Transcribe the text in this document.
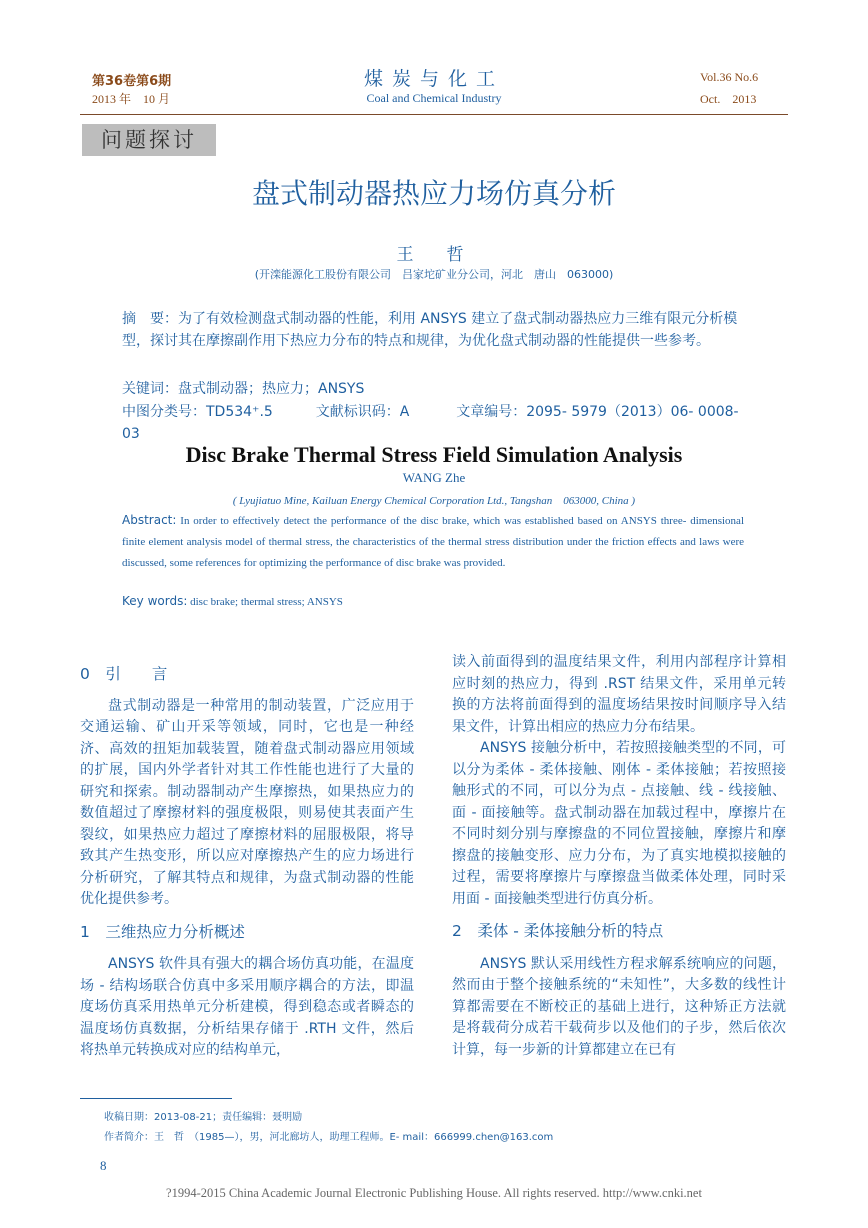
第36卷第6期
2013 年　10 月
煤炭与化工
Coal and Chemical Industry
Vol.36 No.6
Oct.　2013
问题探讨
盘式制动器热应力场仿真分析
王　哲
(开滦能源化工股份有限公司　吕家坨矿业分公司，河北　唐山　063000)
摘　要：为了有效检测盘式制动器的性能，利用 ANSYS 建立了盘式制动器热应力三维有限元分析模型，探讨其在摩擦副作用下热应力分布的特点和规律，为优化盘式制动器的性能提供一些参考。
关键词：盘式制动器；热应力；ANSYS
中图分类号：TD534⁺.5	文献标识码：A	文章编号：2095- 5979（2013）06- 0008- 03
Disc Brake Thermal Stress Field Simulation Analysis
WANG Zhe
( Lyujiatuo Mine, Kailuan Energy Chemical Corporation Ltd., Tangshan　063000, China )
Abstract: In order to effectively detect the performance of the disc brake, which was established based on ANSYS three- dimensional finite element analysis model of thermal stress, the characteristics of the thermal stress distribution under the friction effects and laws were discussed, some references for optimizing the performance of disc brake was provided.
Key words: disc brake; thermal stress; ANSYS
0　引　　言

盘式制动器是一种常用的制动装置，广泛应用于交通运输、矿山开采等领域，同时，它也是一种经济、高效的扭矩加载装置，随着盘式制动器应用领域的扩展，国内外学者针对其工作性能也进行了大量的研究和探索。制动器制动产生摩擦热，如果热应力的数值超过了摩擦材料的强度极限，则易使其表面产生裂纹，如果热应力超过了摩擦材料的屈服极限，将导致其产生热变形，所以应对摩擦热产生的应力场进行分析研究，了解其特点和规律，为盘式制动器的性能优化提供参考。

1　三维热应力分析概述

ANSYS 软件具有强大的耦合场仿真功能，在温度场 - 结构场联合仿真中多采用顺序耦合的方法，即温度场仿真采用热单元分析建模，得到稳态或者瞬态的温度场仿真数据，分析结果存储于 .RTH 文件，然后将热单元转换成对应的结构单元，

读入前面得到的温度结果文件，利用内部程序计算相应时刻的热应力，得到 .RST 结果文件，采用单元转换的方法将前面得到的温度场结果按时间顺序导入结果文件，计算出相应的热应力分布结果。

ANSYS 接触分析中，若按照接触类型的不同，可以分为柔体 - 柔体接触、刚体 - 柔体接触；若按照接触形式的不同，可以分为点 - 点接触、线 - 线接触、面 - 面接触等。盘式制动器在加载过程中，摩擦片在不同时刻分别与摩擦盘的不同位置接触，摩擦片和摩擦盘的接触变形、应力分布，为了真实地模拟接触的过程，需要将摩擦片与摩擦盘当做柔体处理，同时采用面 - 面接触类型进行仿真分析。

2　柔体 - 柔体接触分析的特点

ANSYS 默认采用线性方程求解系统响应的问题，然而由于整个接触系统的“未知性”，大多数的线性计算都需要在不断校正的基础上进行，这种矫正方法就是将载荷分成若干载荷步以及他们的子步，然后依次计算，每一步新的计算都建立在已有

收稿日期：2013-08-21；责任编辑：聂明励
作者简介：王　哲　（1985—），男，河北廊坊人，助理工程师。E- mail：666999.chen@163.com
8
?1994-2015 China Academic Journal Electronic Publishing House. All rights reserved. http://www.cnki.net
